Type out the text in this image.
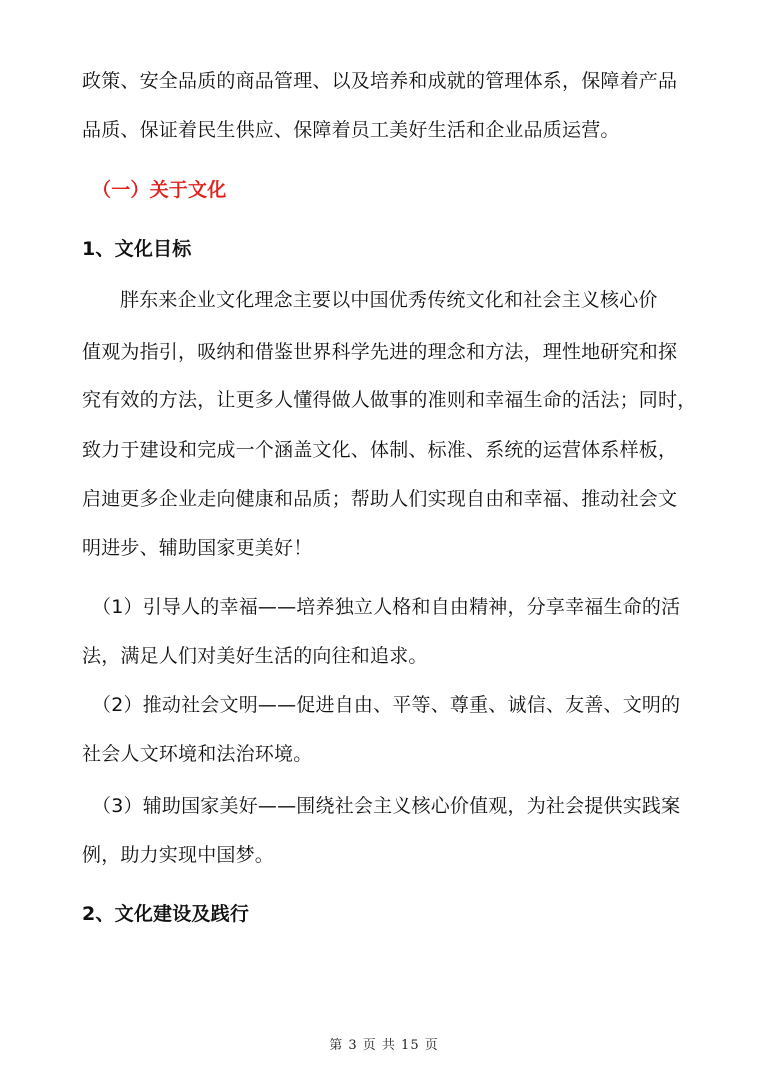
政策、安全品质的商品管理、以及培养和成就的管理体系，保障着产品
品质、保证着民生供应、保障着员工美好生活和企业品质运营。
（一）关于文化
1、文化目标
胖东来企业文化理念主要以中国优秀传统文化和社会主义核心价
值观为指引，吸纳和借鉴世界科学先进的理念和方法，理性地研究和探
究有效的方法，让更多人懂得做人做事的准则和幸福生命的活法；同时，
致力于建设和完成一个涵盖文化、体制、标准、系统的运营体系样板，
启迪更多企业走向健康和品质；帮助人们实现自由和幸福、推动社会文
明进步、辅助国家更美好！
（1）引导人的幸福——培养独立人格和自由精神，分享幸福生命的活
法，满足人们对美好生活的向往和追求。
（2）推动社会文明——促进自由、平等、尊重、诚信、友善、文明的
社会人文环境和法治环境。
（3）辅助国家美好——围绕社会主义核心价值观，为社会提供实践案
例，助力实现中国梦。
2、文化建设及践行
第 3 页 共 15 页
